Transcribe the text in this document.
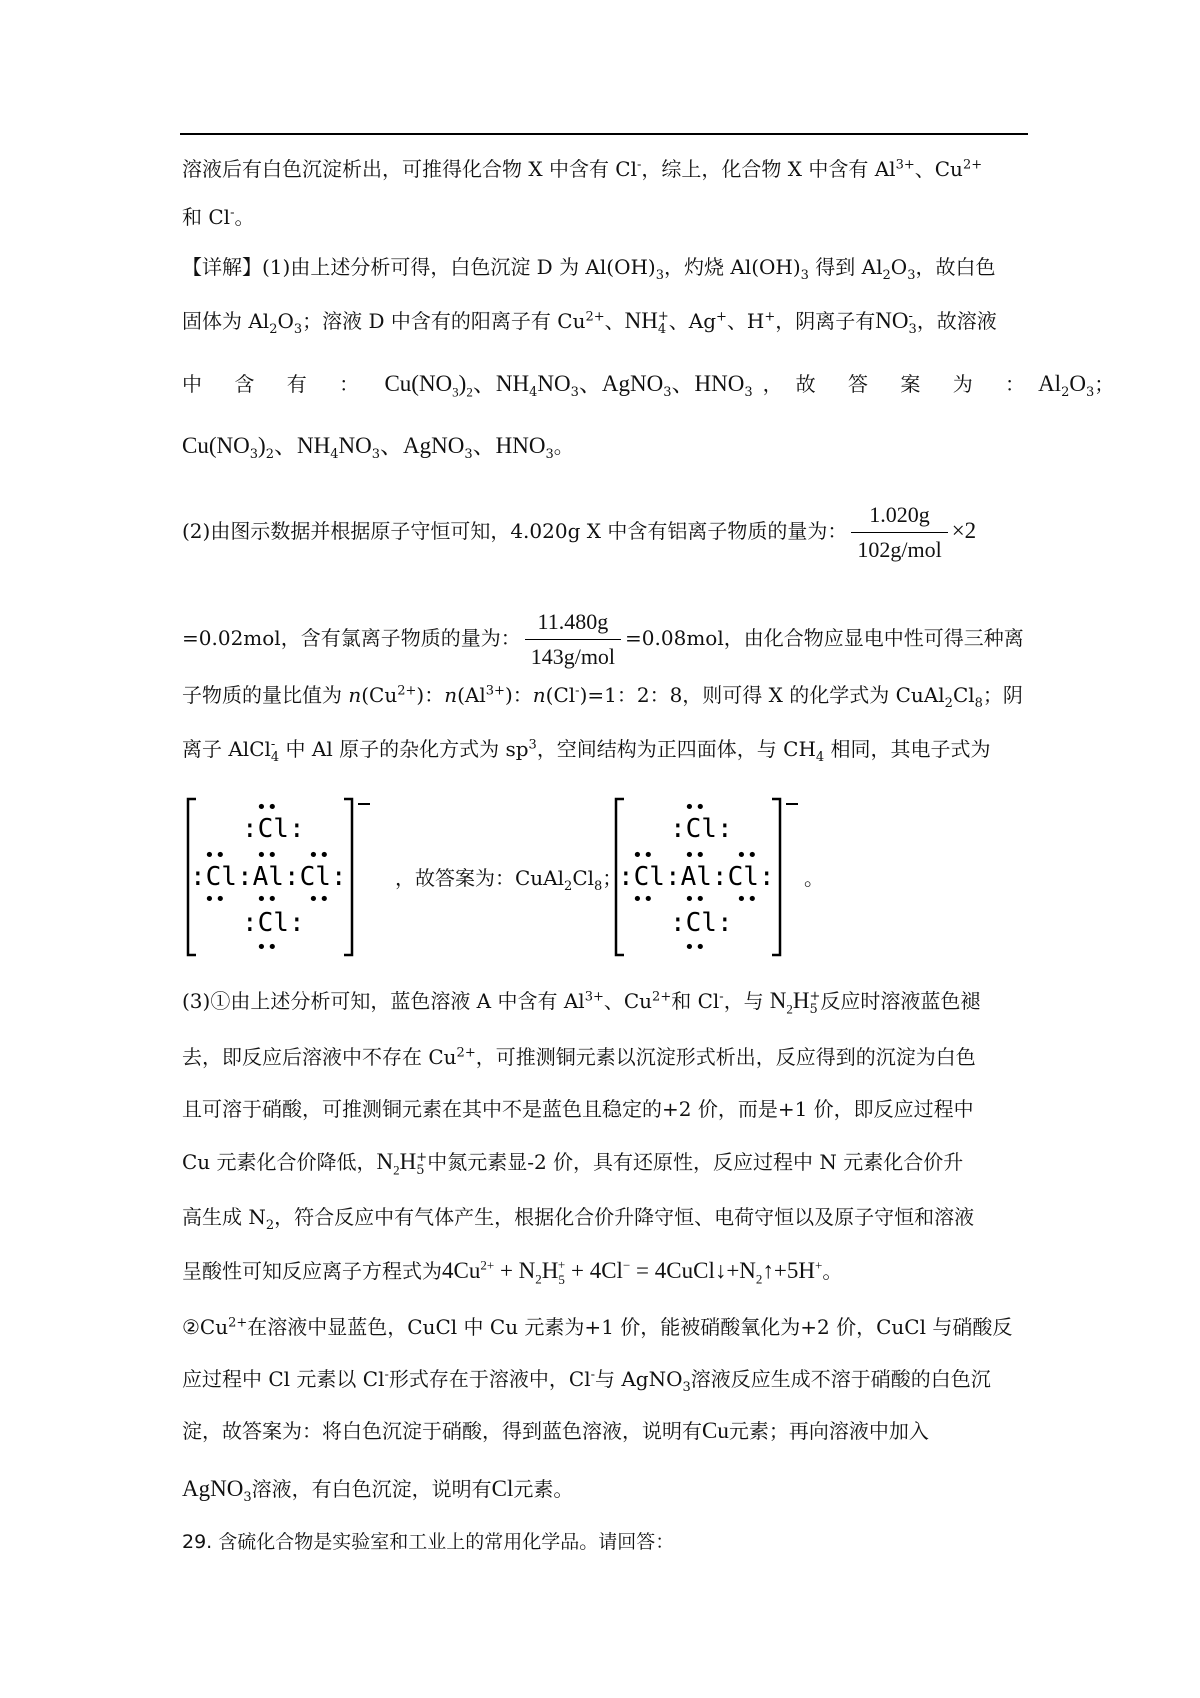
溶液后有白色沉淀析出，可推得化合物 X 中含有 Cl-，综上，化合物 X 中含有 $Al^{3+}$、$Cu^{2+}$
和 Cl-。
【详解】(1)由上述分析可得，白色沉淀 D 为 $Al(OH)_3$，灼烧 $Al(OH)_3$ 得到 $Al_2O_3$，故白色
固体为 $Al_2O_3$；溶液 D 中含有的阳离子有 $Cu^{2+}$、NH +
4 、Ag+、H+，阴离子有NO -
3 ，故溶液
中 含 有 ： $Cu(NO_3)_2$、$NH_4NO_3$、AgNO$_3$、$HNO_3$ ，故 答 案 为 ：$Al_2O_3$；
$Cu(NO_3)_2$、$NH_4NO_3$、AgNO$_3$、$HNO_3$。
(2)由图示数据并根据原子守恒可知，4.020g X 中含有铝离子物质的量为： $\frac{1.020g}{\text{102g/mol}} \times 2$
=0.02mol，含有氯离子物质的量为： $\frac{11.480g}{\text{143g/mol}} =0.08mol$，由化合物应显电中性可得三种离
子物质的量比值为 $n(Cu^{2+})$：$n(Al^{3+})$：n(Cl-)=1：2：8，则可得 X 的化学式为 $CuAl_2Cl_8$；阴
离子 AlCl -
4 中 Al 原子的杂化方式为 $sp^3$，空间结构为正四面体，与 $CH_4$ 相同，其电子式为
••
:Cl:
•• •• ••
:Cl:Al:Cl:
•• •• ••
:Cl:
••
，故答案为：$CuAl_2Cl_8$；
••
:Cl:
•• •• ••
:Cl:Al:Cl:
•• •• ••
:Cl:
••
。
(3)①由上述分析可知，蓝色溶液 A 中含有 $Al^{3+}$、$Cu^{2+}$和 Cl-，与 $N_2H$ +
5 反应时溶液蓝色褪
去，即反应后溶液中不存在 $Cu^{2+}$，可推测铜元素以沉淀形式析出，反应得到的沉淀为白色
且可溶于硝酸，可推测铜元素在其中不是蓝色且稳定的+2 价，而是+1 价，即反应过程中
Cu 元素化合价降低，$N_2H$ +
5 中氮元素显-2 价，具有还原性，反应过程中 N 元素化合价升
高生成 $N_2$，符合反应中有气体产生，根据化合价升降守恒、电荷守恒以及原子守恒和溶液
呈酸性可知反应离子方程式为$4Cu^{2+} + N_2H_5^+ + 4Cl^-$ = $4CuCl↓+N_2↑+5H^+$。
$②Cu^{2+}$在溶液中显蓝色，CuCl 中 Cu 元素为+1 价，能被硝酸氧化为+2 价，CuCl 与硝酸反
应过程中 Cl 元素以 Cl-形式存在于溶液中，Cl-与 AgNO$_3$溶液反应生成不溶于硝酸的白色沉
淀，故答案为：将白色沉淀于硝酸，得到蓝色溶液，说明有Cu元素；再向溶液中加入
AgNO$_3$溶液，有白色沉淀，说明有Cl元素。
29. 含硫化合物是实验室和工业上的常用化学品。请回答：
